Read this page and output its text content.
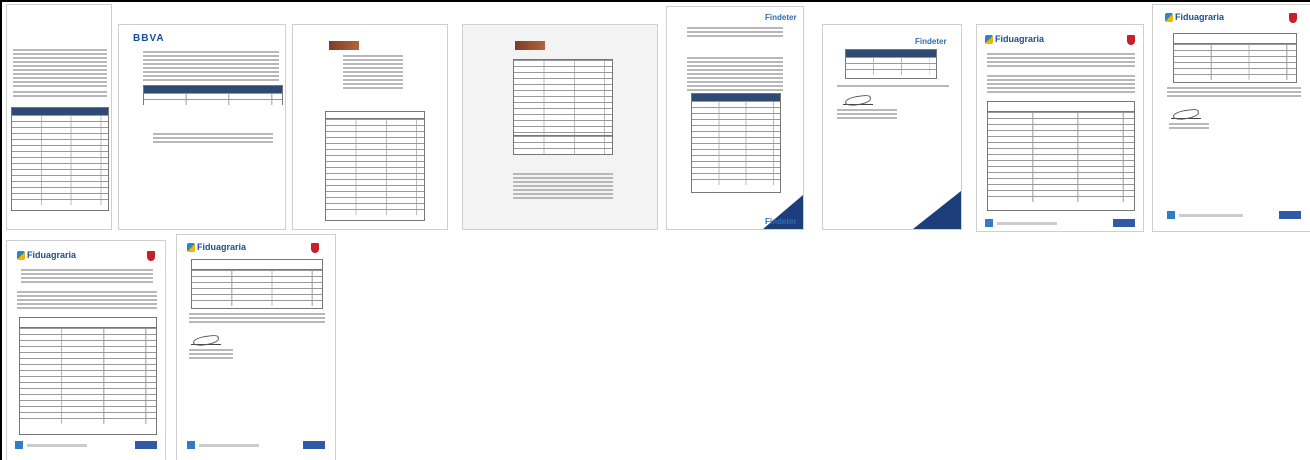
BBVA
Findeter
Findeter
Findeter	Fiduagraria
Fiduagraria
Fiduagraria
Fiduagraria
